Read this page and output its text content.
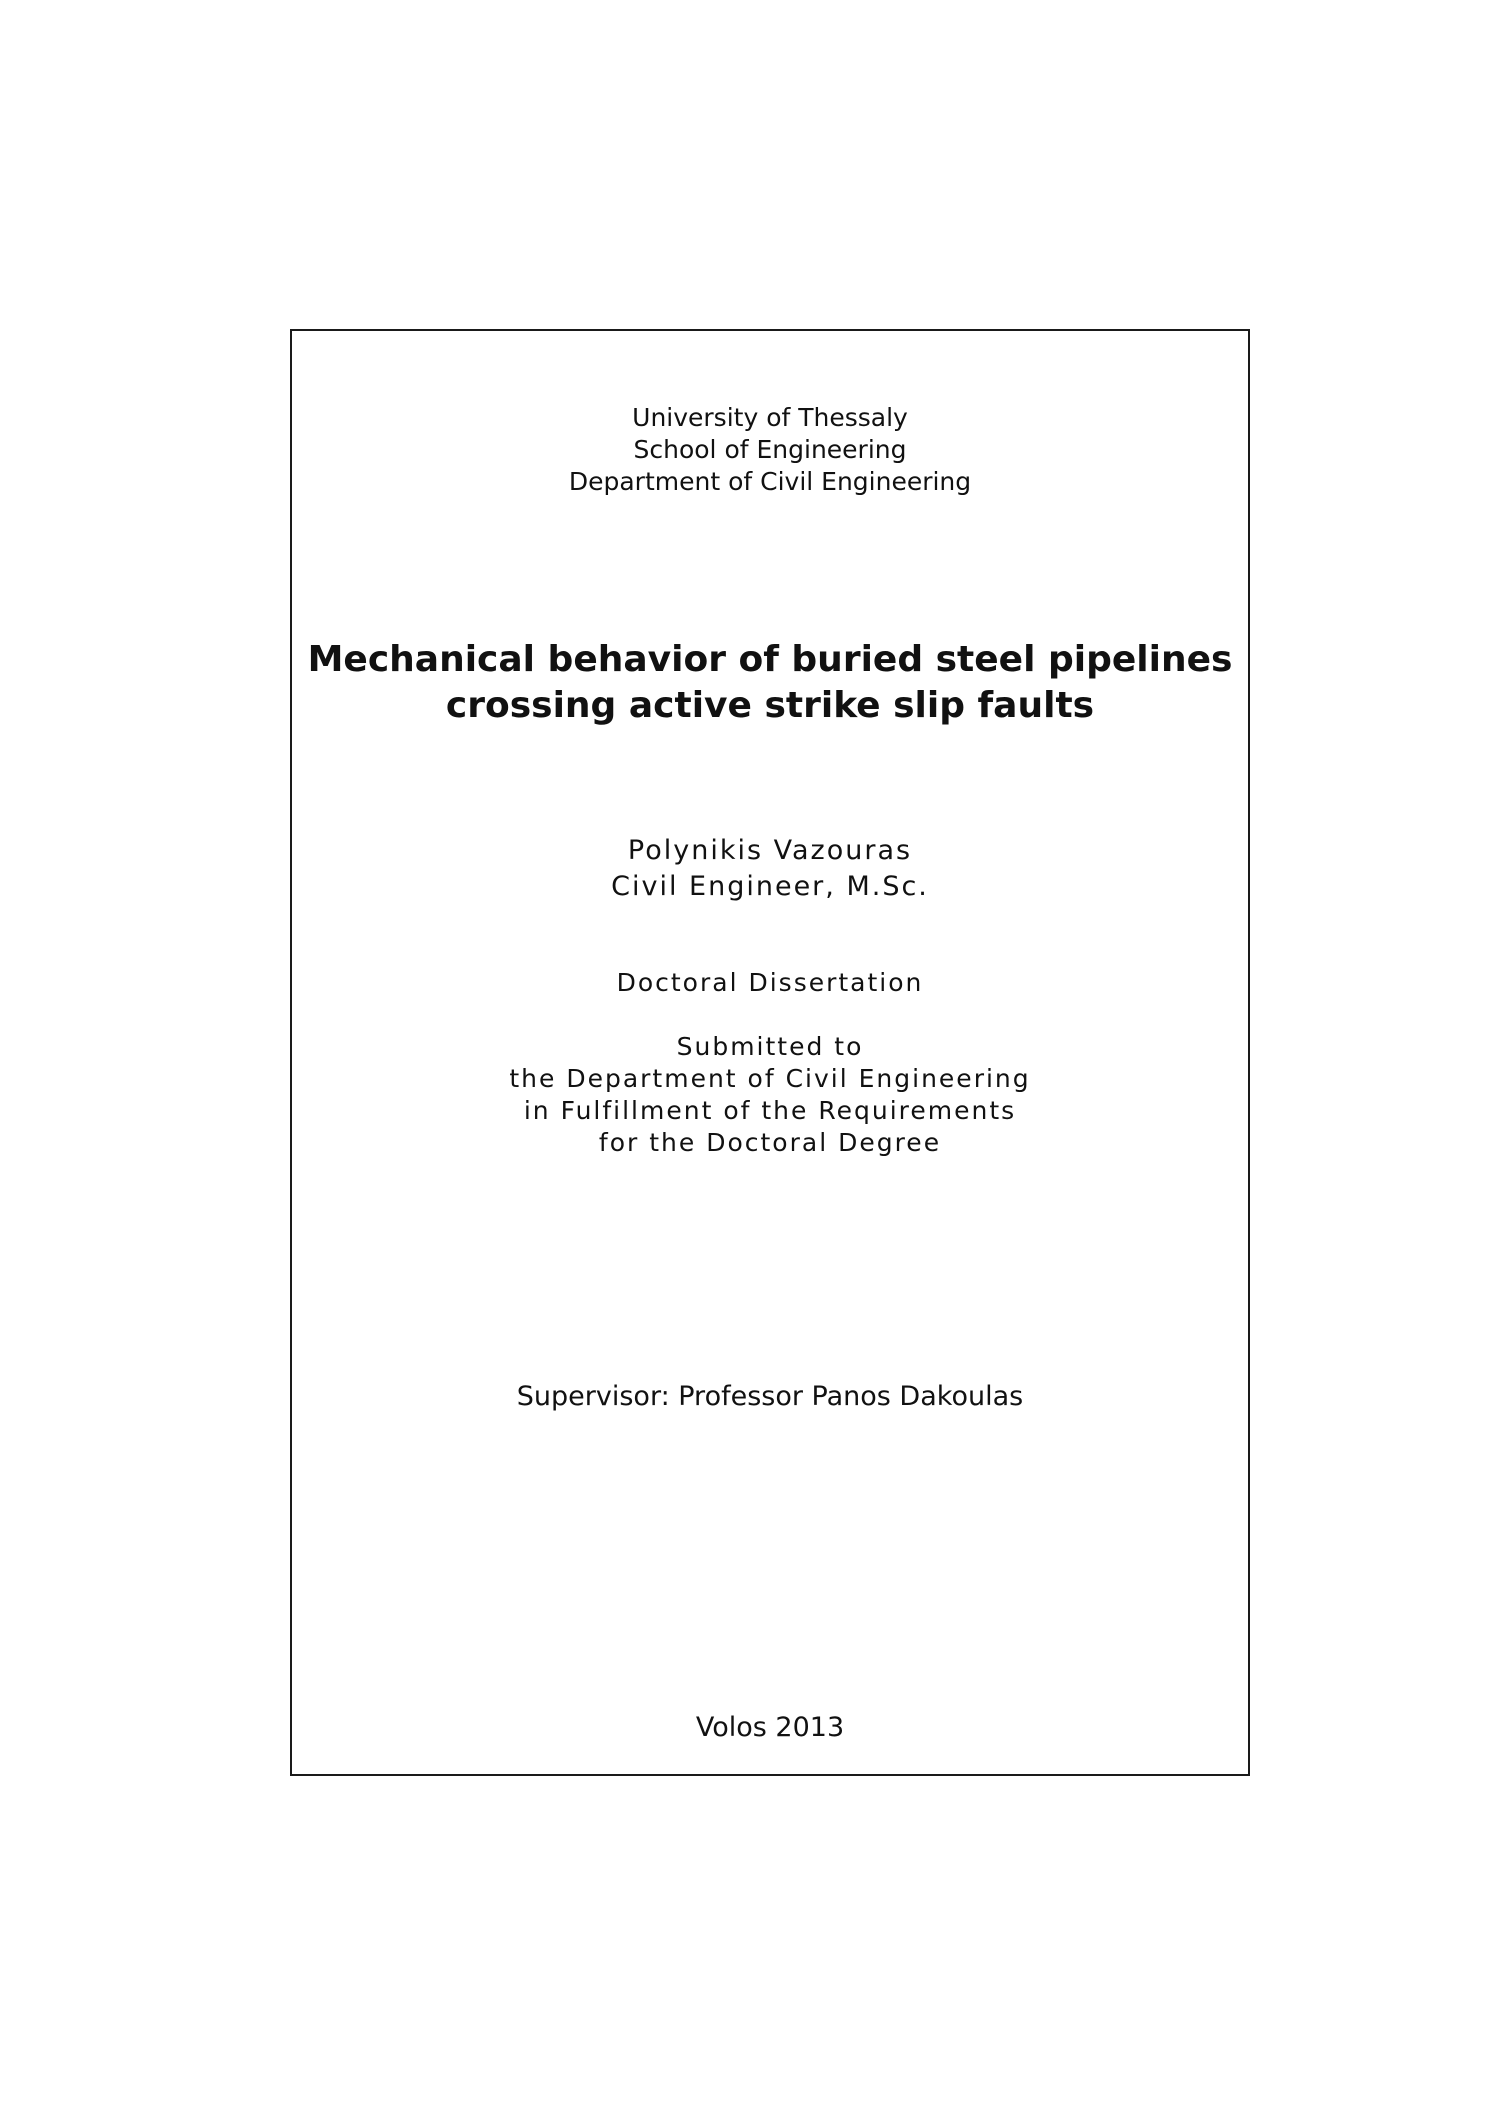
University of Thessaly
School of Engineering
Department of Civil Engineering
Mechanical behavior of buried steel pipelines
crossing active strike slip faults
Polynikis Vazouras
Civil Engineer, M.Sc.
Doctoral Dissertation
Submitted to
the Department of Civil Engineering
in Fulfillment of the Requirements
for the Doctoral Degree
Supervisor: Professor Panos Dakoulas
Volos 2013
